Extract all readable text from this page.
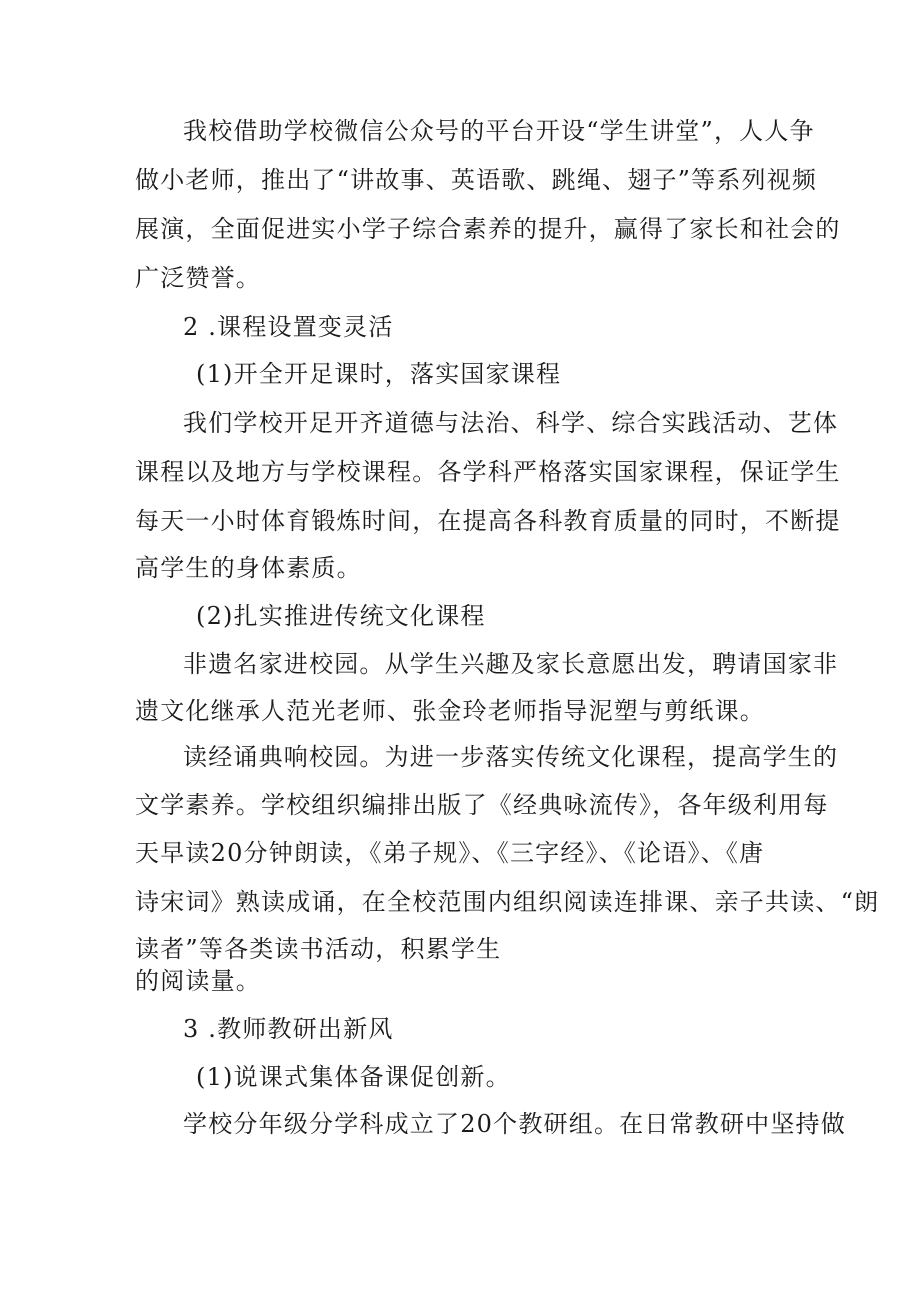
我校借助学校微信公众号的平台开设“学生讲堂”，人人争
做小老师，推出了“讲故事、英语歌、跳绳、翅子”等系列视频
展演，全面促进实小学子综合素养的提升，赢得了家长和社会的
广泛赞誉。
2 .课程设置变灵活
(1)开全开足课时，落实国家课程
我们学校开足开齐道德与法治、科学、综合实践活动、艺体
课程以及地方与学校课程。各学科严格落实国家课程，保证学生
每天一小时体育锻炼时间，在提高各科教育质量的同时，不断提
高学生的身体素质。
(2)扎实推进传统文化课程
非遗名家进校园。从学生兴趣及家长意愿出发，聘请国家非
遗文化继承人范光老师、张金玲老师指导泥塑与剪纸课。
读经诵典响校园。为进一步落实传统文化课程，提高学生的
文学素养。学校组织编排出版了《经典咏流传》，各年级利用每
天早读20分钟朗读，《弟子规》、《三字经》、《论语》、《唐
诗宋词》熟读成诵，在全校范围内组织阅读连排课、亲子共读、“朗
读者”等各类读书活动，积累学生
的阅读量。
3 .教师教研出新风
(1)说课式集体备课促创新。
学校分年级分学科成立了20个教研组。在日常教研中坚持做
